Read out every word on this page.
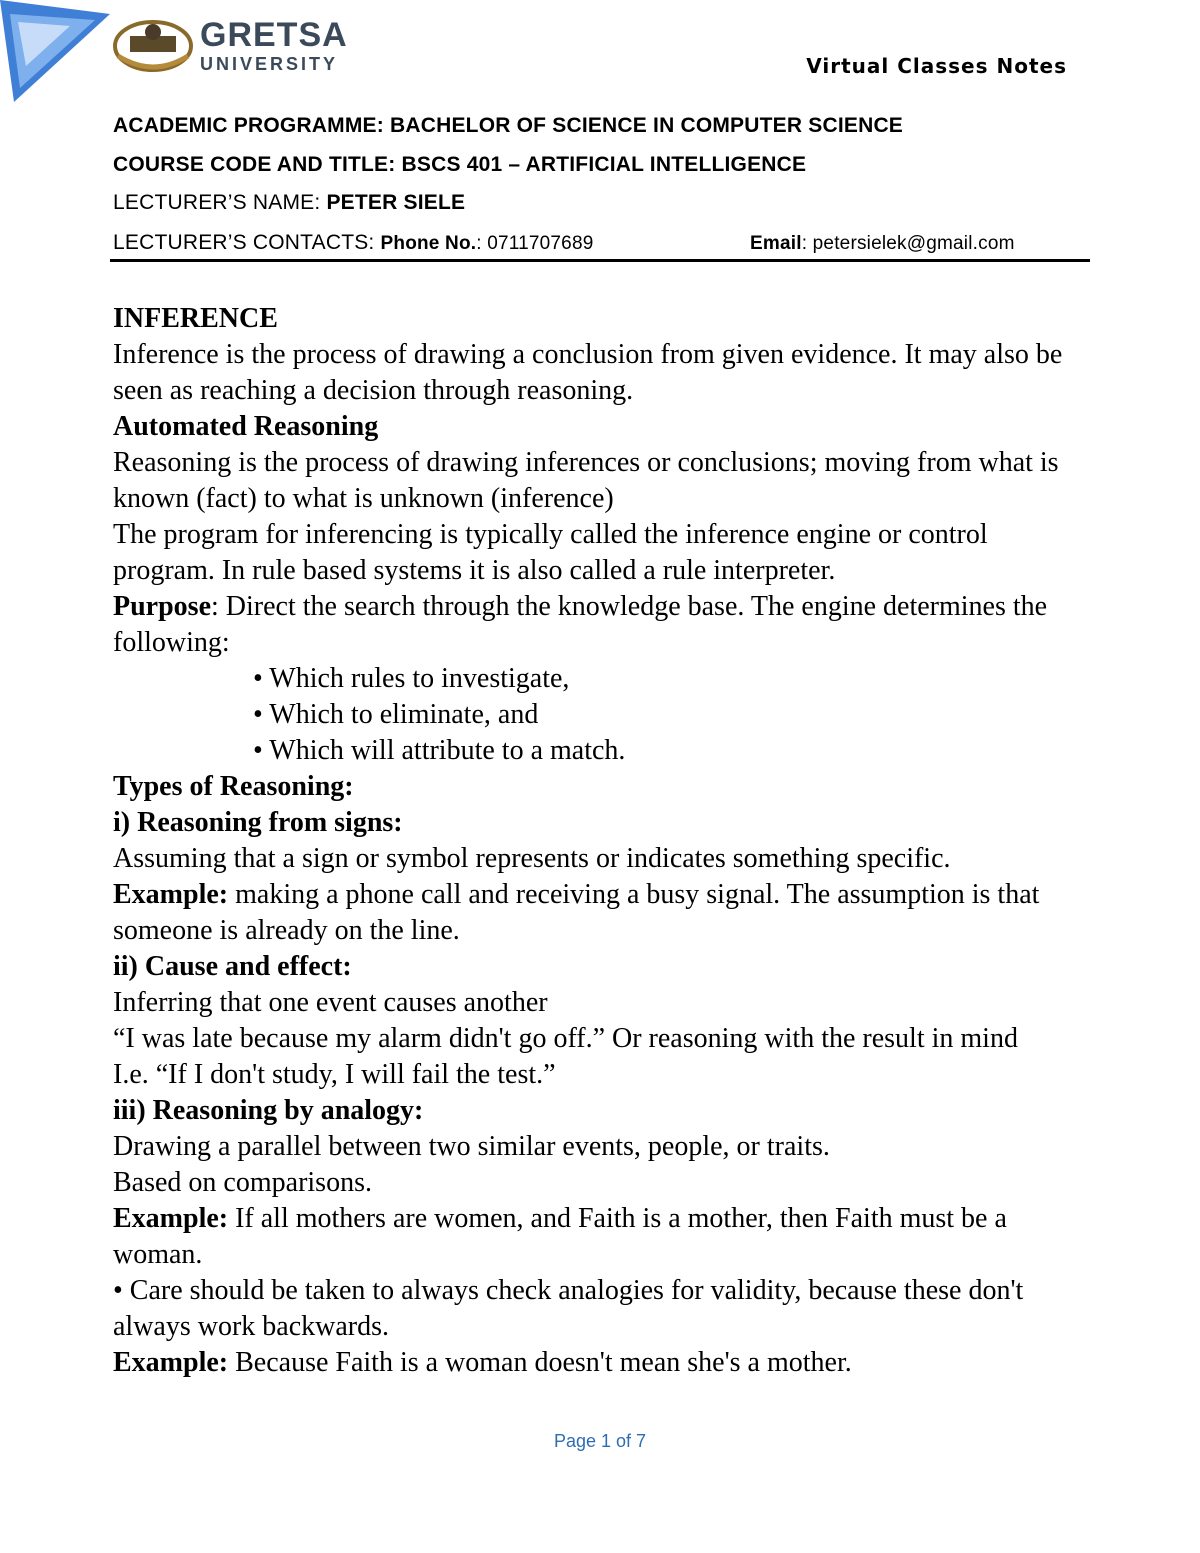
GRETSA
UNIVERSITY	Virtual Classes Notes
ACADEMIC PROGRAMME: BACHELOR OF SCIENCE IN COMPUTER SCIENCE
COURSE CODE AND TITLE: BSCS 401 – ARTIFICIAL INTELLIGENCE
LECTURER’S NAME: PETER SIELE
LECTURER’S CONTACTS: Phone No.: 0711707689	Email: petersielek@gmail.com

INFERENCE

Inference is the process of drawing a conclusion from given evidence. It may also be seen as reaching a decision through reasoning.

Automated Reasoning

Reasoning is the process of drawing inferences or conclusions; moving from what is known (fact) to what is unknown (inference)

The program for inferencing is typically called the inference engine or control program. In rule based systems it is also called a rule interpreter.

Purpose: Direct the search through the knowledge base. The engine determines the following:

• Which rules to investigate,

• Which to eliminate, and

• Which will attribute to a match.

Types of Reasoning:

i) Reasoning from signs:

Assuming that a sign or symbol represents or indicates something specific.

Example: making a phone call and receiving a busy signal. The assumption is that someone is already on the line.

ii) Cause and effect:

Inferring that one event causes another

“I was late because my alarm didn't go off.” Or reasoning with the result in mind

I.e. “If I don't study, I will fail the test.”

iii) Reasoning by analogy:

Drawing a parallel between two similar events, people, or traits.

Based on comparisons.

Example: If all mothers are women, and Faith is a mother, then Faith must be a woman.

• Care should be taken to always check analogies for validity, because these don't always work backwards.

Example: Because Faith is a woman doesn't mean she's a mother.

Page 1 of 7
